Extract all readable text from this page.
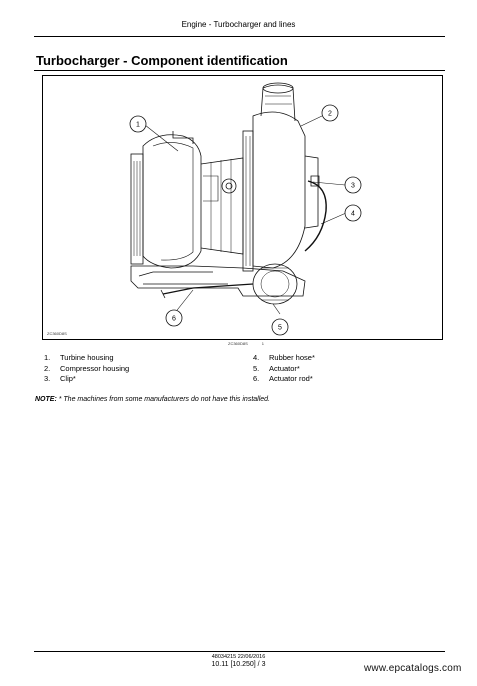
Engine - Turbocharger and lines
Turbocharger - Component identification
1
2
3
4
5
6
ZC360D8S
ZC360D8S	1
1. Turbine housing
2. Compressor housing
3. Clip*
4. Rubber hose*
5. Actuator*
6. Actuator rod*
NOTE: * The machines from some manufacturers do not have this installed.
48034215 22/06/2016
10.11 [10.250] / 3	www.epcatalogs.com
